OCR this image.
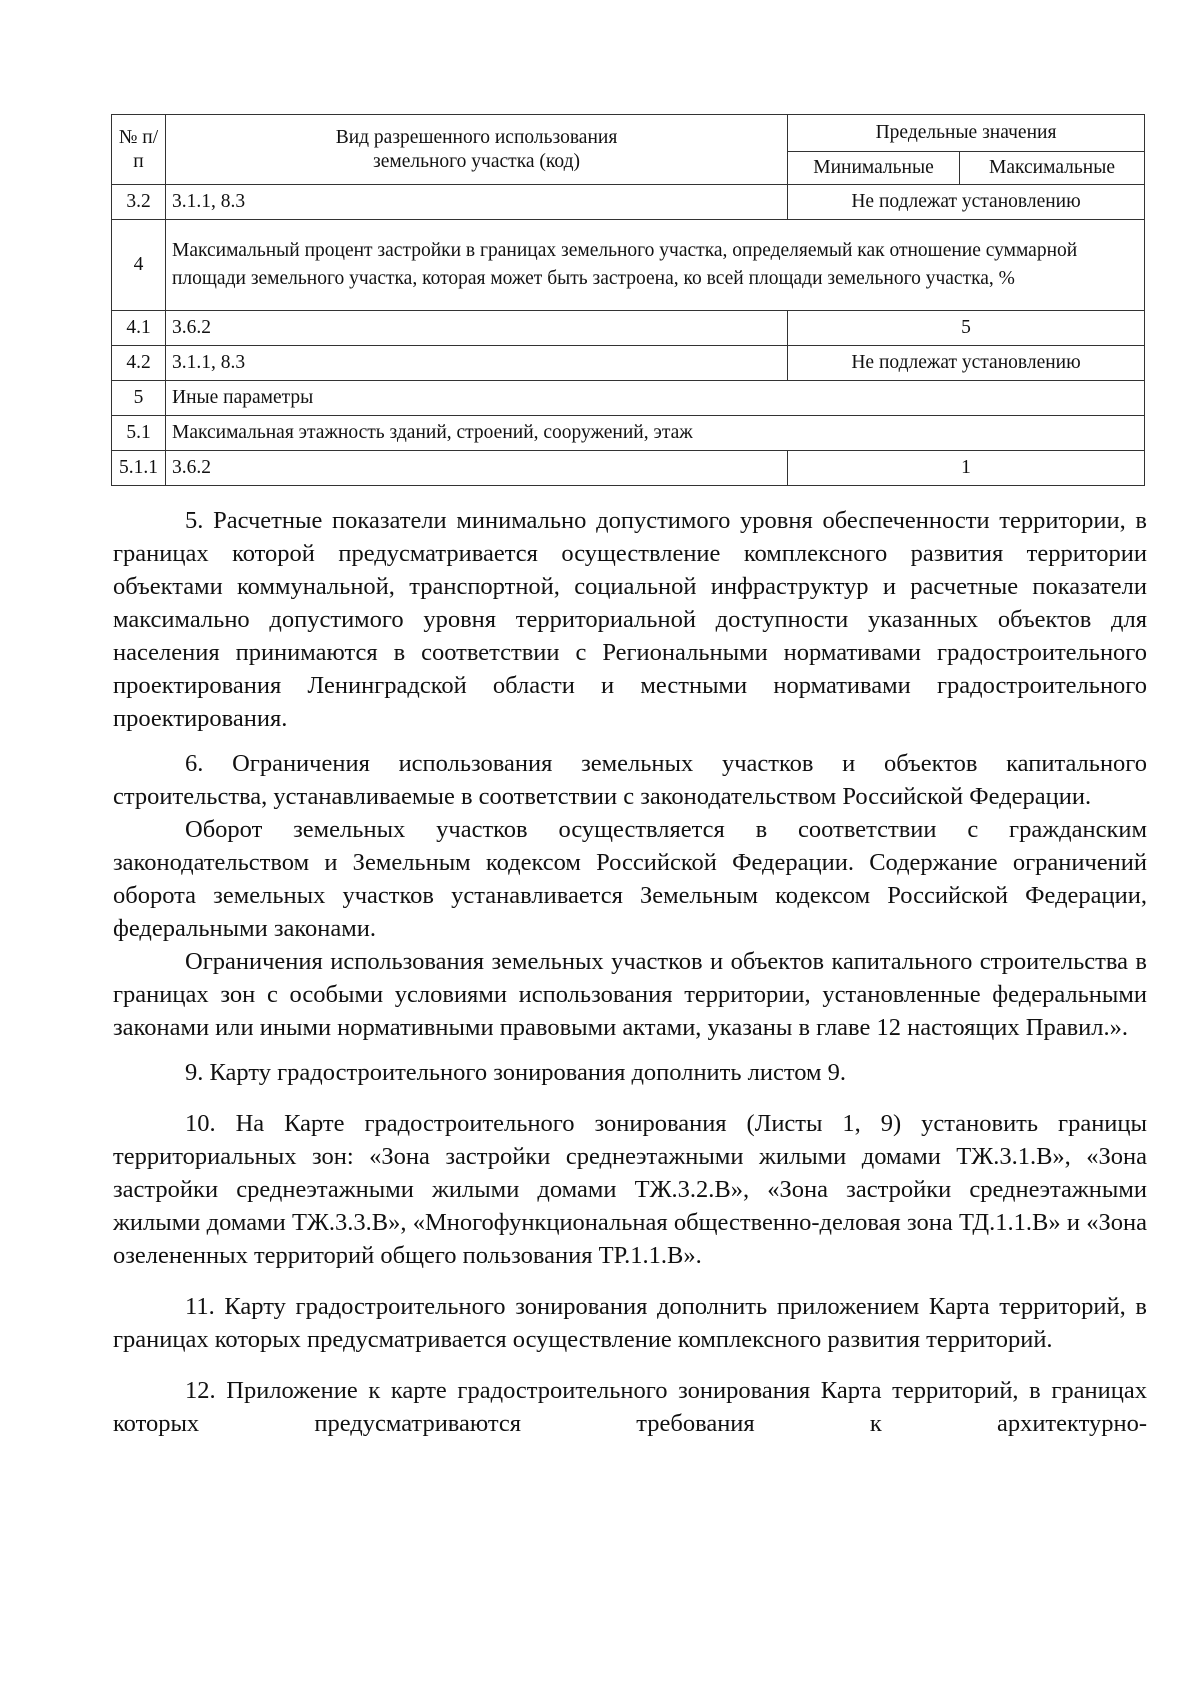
№ п/п	Вид разрешенного использования земельного участка (код)	Предельные значения	
		Минимальные	Максимальные
3.2	3.1.1, 8.3	Не подлежат установлению	
4	Максимальный процент застройки в границах земельного участка, определяемый как отношение суммарной площади земельного участка, которая может быть застроена, ко всей площади земельного участка, %		
4.1	3.6.2	5	
4.2	3.1.1, 8.3	Не подлежат установлению	
5	Иные параметры		
5.1	Максимальная этажность зданий, строений, сооружений, этаж		
5.1.1	3.6.2	1	

5. Расчетные показатели минимально допустимого уровня обеспеченности территории, в границах которой предусматривается осуществление комплексного развития территории объектами коммунальной, транспортной, социальной инфраструктур и расчетные показатели максимально допустимого уровня территориальной доступности указанных объектов для населения принимаются в соответствии с Региональными нормативами градостроительного проектирования Ленинградской области и местными нормативами градостроительного проектирования.

6. Ограничения использования земельных участков и объектов капитального строительства, устанавливаемые в соответствии с законодательством Российской Федерации.

Оборот земельных участков осуществляется в соответствии с гражданским законодательством и Земельным кодексом Российской Федерации. Содержание ограничений оборота земельных участков устанавливается Земельным кодексом Российской Федерации, федеральными законами.

Ограничения использования земельных участков и объектов капитального строительства в границах зон с особыми условиями использования территории, установленные федеральными законами или иными нормативными правовыми актами, указаны в главе 12 настоящих Правил.».

9. Карту градостроительного зонирования дополнить листом 9.

10. На Карте градостроительного зонирования (Листы 1, 9) установить границы территориальных зон: «Зона застройки среднеэтажными жилыми домами ТЖ.3.1.В», «Зона застройки среднеэтажными жилыми домами ТЖ.3.2.В», «Зона застройки среднеэтажными жилыми домами ТЖ.3.3.В», «Многофункциональная общественно-деловая зона ТД.1.1.В» и «Зона озелененных территорий общего пользования ТР.1.1.В».

11. Карту градостроительного зонирования дополнить приложением Карта территорий, в границах которых предусматривается осуществление комплексного развития территорий.

12. Приложение к карте градостроительного зонирования Карта территорий, в границах которых предусматриваются требования к архитектурно-
